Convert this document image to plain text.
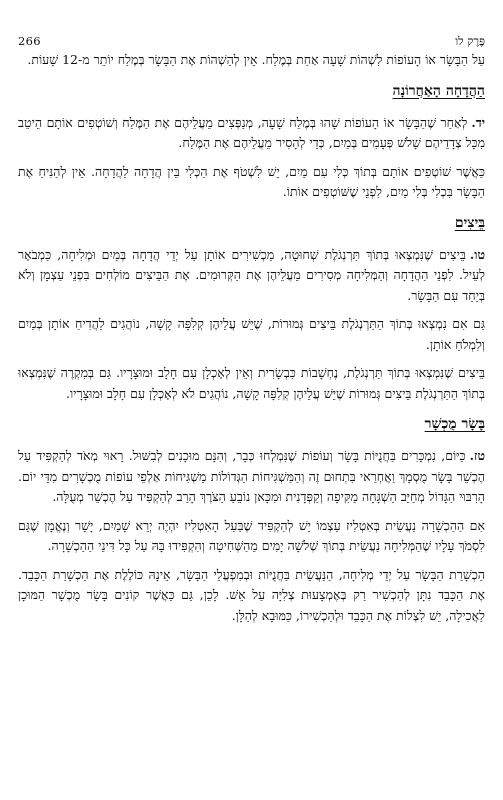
266	פֶּרֶק לו

עַל הַבָּשָׂר אוֹ הָעוֹפוֹת לִשְׁהוֹת שָׁעָה אַחַת בְּמֶלַח. אֵין לְהַשְׁהוֹת אֶת הַבָּשָׂר בְּמֶלַח יוֹתֵר מ-12 שָׁעוֹת.

הַהֲדָחָה הָאַחֲרוֹנָה

יד.לְאַחַר שֶׁהַבָּשָׂר אוֹ הָעוֹפוֹת שָׁהוּ בְּמֶלַח שָׁעָה, מְנַפְּצִים מֵעֲלֵיהֶם אֶת הַמֶּלַח וְשׁוֹטְפִים אוֹתָם הֵיטֵב מִכָּל צְדָדֵיהֶם שָׁלֹשׁ פְּעָמִים בְּמַיִם, כְּדֵי לְהָסִיר מֵעֲלֵיהֶם אֶת הַמֶּלַח.

כַּאֲשֶׁר שׁוֹטְפִים אוֹתָם בְּתוֹךְ כְּלִי עִם מַיִם, יֵשׁ לִשְׁטֹף אֶת הַכְּלִי בֵּין הֲדָחָה לַהֲדָחָה. אֵין לְהַנִּיחַ אֶת הַבָּשָׂר בִּכְלִי בְּלִי מַיִם, לִפְנֵי שֶׁשּׁוֹטְפִים אוֹתוֹ.

בֵּיצִים

טו.בֵּיצִים שֶׁנִּמְצְאוּ בְּתוֹךְ תַּרְנְגֹלֶת שְׁחוּטָה, מַכְשִׁירִים אוֹתָן עַל יְדֵי הֲדָחָה בְּמַיִם וּמְלִיחָה, כַּמְבֹאָר לְעֵיל. לִפְנֵי הַהֲדָחָה וְהַמְּלִיחָה מְסִירִים מֵעֲלֵיהֶן אֶת הַקְּרוּמִים. אֶת הַבֵּיצִים מוֹלְחִים בִּפְנֵי עַצְמָן וְלֹא בְּיַחַד עִם הַבָּשָׂר.

גַּם אִם נִמְצְאוּ בְּתוֹךְ הַתַּרְנְגֹלֶת בֵּיצִים גְּמוּרוֹת, שֶׁיֵּשׁ עֲלֵיהֶן קְלִפָּה קָשָׁה, נוֹהֲגִים לַהֲדִיחַ אוֹתָן בְּמַיִם וְלִמְלֹחַ אוֹתָן.

בֵּיצִים שֶׁנִּמְצְאוּ בְּתוֹךְ תַּרְנְגֹלֶת, נֶחְשָׁבוֹת כִּבְשָׂרִית וְאֵין לְאָכְלָן עִם חָלָב וּמוּצָרָיו. גַּם בְּמִקְרֶה שֶׁנִּמְצְאוּ בְּתוֹךְ הַתַּרְנְגֹלֶת בֵּיצִים גְּמוּרוֹת שֶׁיֵּשׁ עֲלֵיהֶן קְלִפָּה קָשָׁה, נוֹהֲגִים לֹא לְאָכְלָן עִם חָלָב וּמוּצָרָיו.

בָּשָׂר מֻכְשָׁר

טז.כַּיּוֹם, נִמְכָּרִים בַּחֲנֻיּוֹת בָּשָׂר וְעוֹפוֹת שֶׁנִּמְלְחוּ כְּבָר, וְהִנָּם מוּכָנִים לְבִשּׁוּל. רָאוּי מְאֹד לְהַקְפִּיד עַל הֶכְשֵׁר בָּשָׂר מֻסְמָךְ וַאֲחְרַאי בִּתְחוּם זֶה וְהַמַּשְׁגִּיחוֹת הַגְּדוֹלוֹת מַשְׁגִּיחוֹת אַלְפֵי עוֹפוֹת מֻכְשָׁרִים מִדֵּי יוֹם. הָרִבּוּי הַגָּדוֹל מְחַיֵּב הַשְׁגָּחָה מַקִּיפָה וְקַפְּדָנִית וּמִכָּאן נוֹבֵעַ הַצֹּרֶךְ הָרַב לְהַקְפִּיד עַל הֶכְשֵׁר מְעֻלָּה.

אִם הַהַכְשָׁרָה נַעֲשֵׂית בְּאִטְלִיז עַצְמוֹ יֵשׁ לְהַקְפִּיד שֶׁבַּעַל הָאִטְלִיז יִהְיֶה יְרֵא שָׁמַיִם, יָשָׁר וְנֶאֱמָן שֶׁגַּם לִסְמֹךְ עָלָיו שֶׁהַמְּלִיחָה נַעֲשֵׂית בְּתוֹךְ שְׁלֹשָׁה יָמִים מֵהַשְּׁחִיטָה וְהִקְפִּידוּ בָּהּ עַל כָּל דִּינֵי הַהַכְשָׁרָה.

הַכְשָׁרַת הַבָּשָׂר עַל יְדֵי מְלִיחָה, הַנַּעֲשֵׂית בַּחֲנֻיּוֹת וּבְמִפְעֲלֵי הַבָּשָׂר, אֵינָהּ כּוֹלֶלֶת אֶת הַכְשָׁרַת הַכָּבֵד. אֶת הַכָּבֵד נִתָּן לְהַכְשִׁיר רַק בְּאֶמְצָעוּת צְלִיָּה עַל אֵשׁ. לָכֵן, גַּם כַּאֲשֶׁר קוֹנִים בָּשָׂר מֻכְשָׁר הַמּוּכָן לַאֲכִילָה, יֵשׁ לִצְלוֹת אֶת הַכָּבֵד וּלְהַכְשִׁירוֹ, כַּמּוּבָא לְהַלָּן.
